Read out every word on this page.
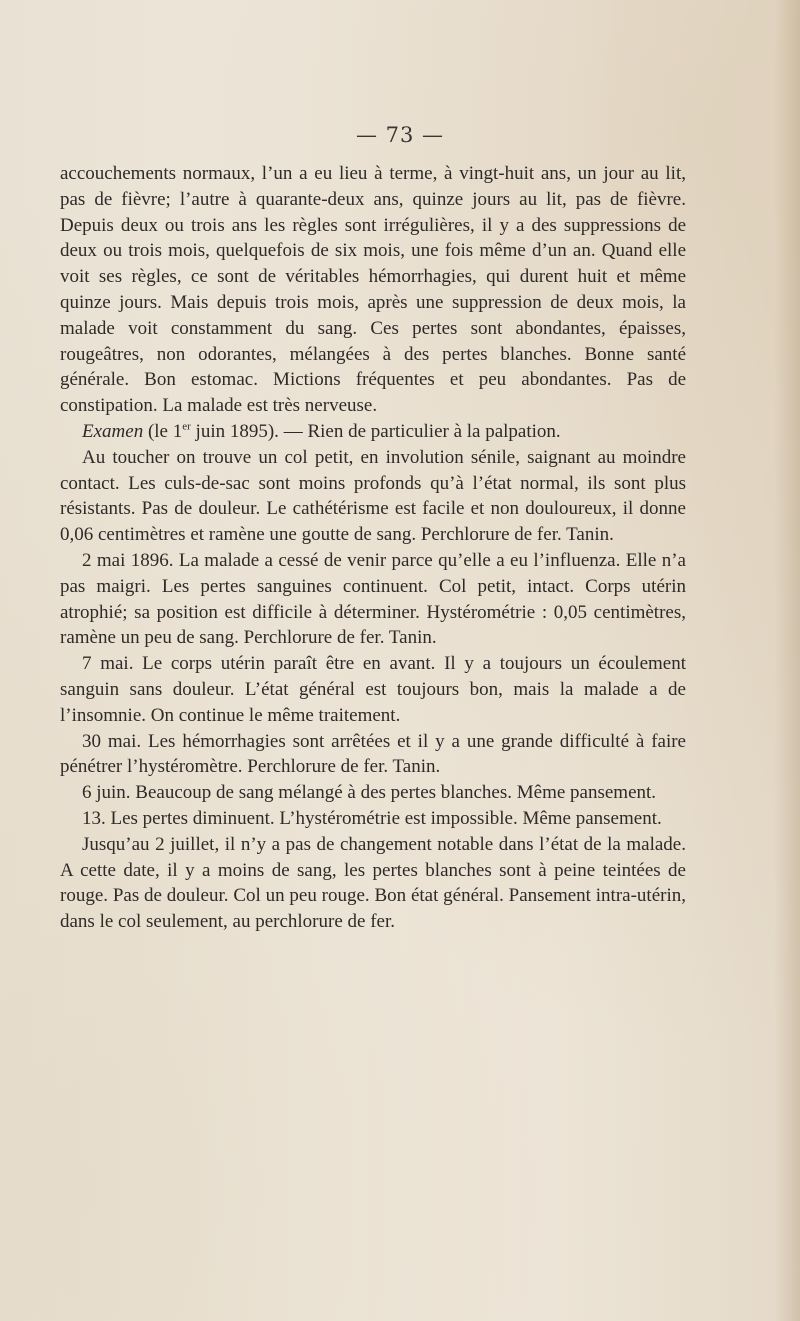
— 73 —

accouchements normaux, l’un a eu lieu à terme, à vingt-huit ans, un jour au lit, pas de fièvre; l’autre à quarante-deux ans, quinze jours au lit, pas de fièvre. Depuis deux ou trois ans les règles sont irrégulières, il y a des suppressions de deux ou trois mois, quelquefois de six mois, une fois même d’un an. Quand elle voit ses règles, ce sont de véritables hémorrhagies, qui durent huit et même quinze jours. Mais depuis trois mois, après une suppression de deux mois, la malade voit constamment du sang. Ces pertes sont abondantes, épaisses, rougeâtres, non odorantes, mélangées à des pertes blanches. Bonne santé générale. Bon estomac. Mictions fréquentes et peu abondantes. Pas de constipation. La malade est très nerveuse.

Examen (le 1er juin 1895). — Rien de particulier à la palpation.

Au toucher on trouve un col petit, en involution sénile, saignant au moindre contact. Les culs-de-sac sont moins profonds qu’à l’état normal, ils sont plus résistants. Pas de douleur. Le cathétérisme est facile et non douloureux, il donne 0,06 centimètres et ramène une goutte de sang. Perchlorure de fer. Tanin.

2 mai 1896. La malade a cessé de venir parce qu’elle a eu l’influenza. Elle n’a pas maigri. Les pertes sanguines continuent. Col petit, intact. Corps utérin atrophié; sa position est difficile à déterminer. Hystérométrie : 0,05 centimètres, ramène un peu de sang. Perchlorure de fer. Tanin.

7 mai. Le corps utérin paraît être en avant. Il y a toujours un écoulement sanguin sans douleur. L’état général est toujours bon, mais la malade a de l’insomnie. On continue le même traitement.

30 mai. Les hémorrhagies sont arrêtées et il y a une grande difficulté à faire pénétrer l’hystéromètre. Perchlorure de fer. Tanin.

6 juin. Beaucoup de sang mélangé à des pertes blanches. Même pansement.

13. Les pertes diminuent. L’hystérométrie est impossible. Même pansement.

Jusqu’au 2 juillet, il n’y a pas de changement notable dans l’état de la malade. A cette date, il y a moins de sang, les pertes blanches sont à peine teintées de rouge. Pas de douleur. Col un peu rouge. Bon état général. Pansement intra-utérin, dans le col seulement, au perchlorure de fer.
